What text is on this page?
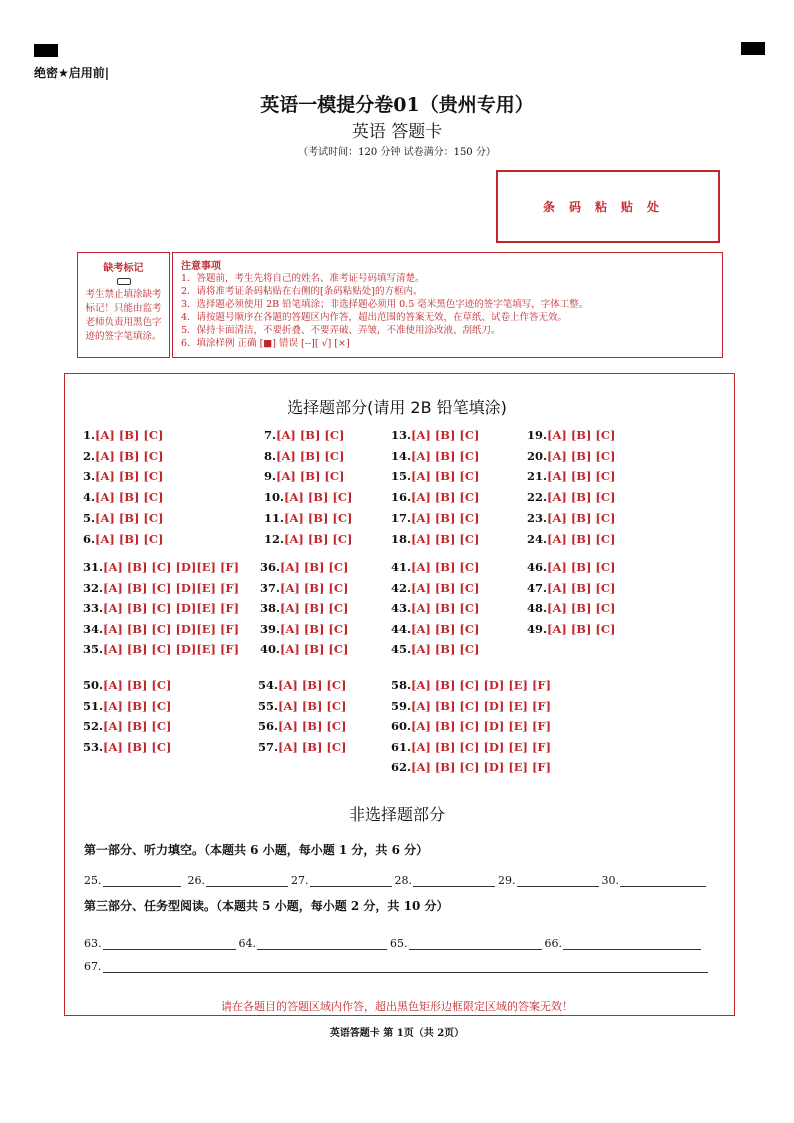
绝密★启用前|
英语一模提分卷01（贵州专用）
英语 答题卡
（考试时间：120 分钟 试卷满分：150 分）
条码粘贴处
缺考标记
考生禁止填涂缺考标记！只能由监考老师负责用黑色字迹的签字笔填涂。
注意事项
1．答题前，考生先将自己的姓名、准考证号码填写清楚。
2．请将准考证条码粘贴在右侧的[条码粘贴处]的方框内。
3．选择题必须使用 2B 铅笔填涂；非选择题必须用 0.5 毫米黑色字迹的签字笔填写，字体工整。
4．请按题号顺序在各题的答题区内作答，超出范围的答案无效，在草纸、试卷上作答无效。
5．保持卡面清洁，不要折叠、不要弄破、弄皱，不准使用涂改液、刮纸刀。
6．填涂样例 正确 [■] 错误 [--][ √] [×]
选择题部分(请用 2B 铅笔填涂)
1.[A] [B] [C]
2.[A] [B] [C]
3.[A] [B] [C]
4.[A] [B] [C]
5.[A] [B] [C]
6.[A] [B] [C]
7.[A] [B] [C]
8.[A] [B] [C]
9.[A] [B] [C]
10.[A] [B] [C]
11.[A] [B] [C]
12.[A] [B] [C]
13.[A] [B] [C]
14.[A] [B] [C]
15.[A] [B] [C]
16.[A] [B] [C]
17.[A] [B] [C]
18.[A] [B] [C]
19.[A] [B] [C]
20.[A] [B] [C]
21.[A] [B] [C]
22.[A] [B] [C]
23.[A] [B] [C]
24.[A] [B] [C]
31.[A] [B] [C] [D][E] [F]
32.[A] [B] [C] [D][E] [F]
33.[A] [B] [C] [D][E] [F]
34.[A] [B] [C] [D][E] [F]
35.[A] [B] [C] [D][E] [F]
36.[A] [B] [C]
37.[A] [B] [C]
38.[A] [B] [C]
39.[A] [B] [C]
40.[A] [B] [C]
41.[A] [B] [C]
42.[A] [B] [C]
43.[A] [B] [C]
44.[A] [B] [C]
45.[A] [B] [C]
46.[A] [B] [C]
47.[A] [B] [C]
48.[A] [B] [C]
49.[A] [B] [C]
50.[A] [B] [C]
51.[A] [B] [C]
52.[A] [B] [C]
53.[A] [B] [C]
54.[A] [B] [C]
55.[A] [B] [C]
56.[A] [B] [C]
57.[A] [B] [C]
58.[A] [B] [C] [D] [E] [F]
59.[A] [B] [C] [D] [E] [F]
60.[A] [B] [C] [D] [E] [F]
61.[A] [B] [C] [D] [E] [F]
62.[A] [B] [C] [D] [E] [F]
非选择题部分
第一部分、听力填空。（本题共 6 小题，每小题 1 分，共 6 分）
25.	26.	27.	28.	29.	30.
第三部分、任务型阅读。（本题共 5 小题，每小题 2 分，共 10 分）
63.	64.	65.	66.
67.
请在各题目的答题区域内作答，超出黑色矩形边框限定区域的答案无效！
英语答题卡 第 1页（共 2页）
